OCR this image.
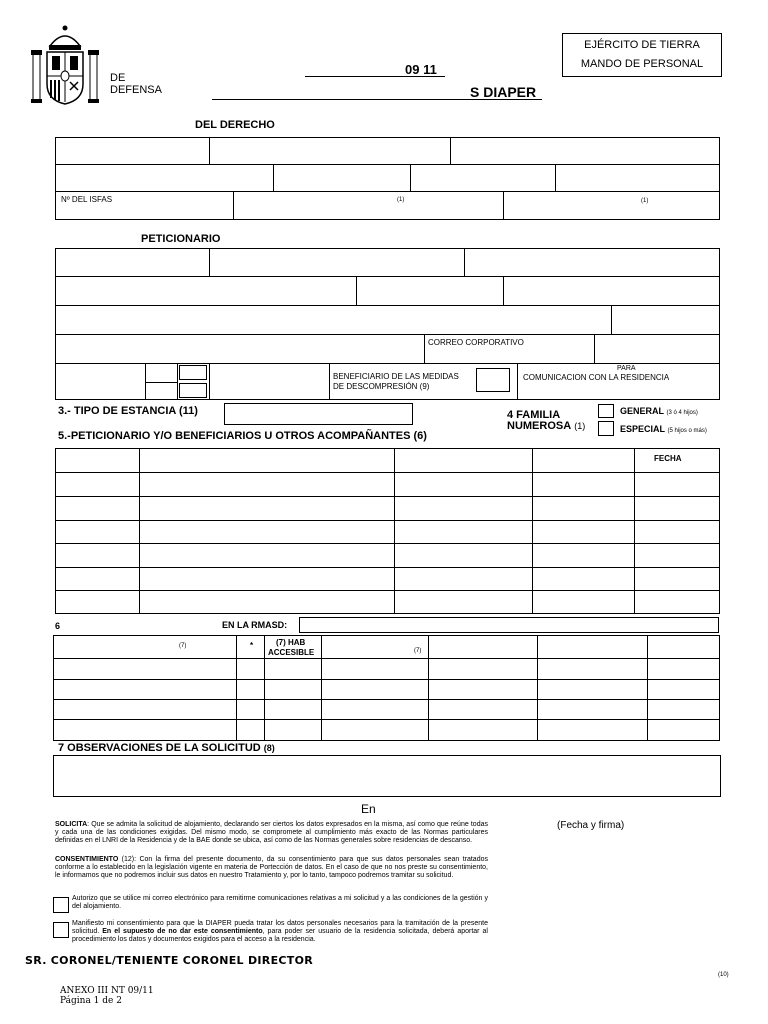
DE
DEFENSA
09 11
S DIAPER
EJÉRCITO DE TIERRA
MANDO DE PERSONAL
DEL DERECHO
Nº DEL ISFAS	(1)	(1)
PETICIONARIO
CORREO CORPORATIVO
BENEFICIARIO DE LAS MEDIDAS
DE DESCOMPRESIÓN (9)
PARA
COMUNICACION CON LA RESIDENCIA
3.- TIPO DE ESTANCIA (11)	4 FAMILIA
NUMEROSA (1)
GENERAL (3 ó 4 hijos)
ESPECIAL (5 hijos o más)
5.-PETICIONARIO Y/O BENEFICIARIOS U OTROS ACOMPAÑANTES (6)
FECHA
6	EN LA RMASD:
(7)	*	(7) HAB
ACCESIBLE	(7)
7 OBSERVACIONES DE LA SOLICITUD (8)
En
(Fecha y firma)
SOLICITA: Que se admita la solicitud de alojamiento, declarando ser ciertos los datos expresados en la misma, así como que reúne todas y cada una de las condiciones exigidas. Del mismo modo, se compromete al cumplimiento más exacto de las Normas particulares definidas en el LNRI de la Residencia y de la BAE donde se ubica, así como de las Normas generales sobre residencias de descanso.
CONSENTIMIENTO (12): Con la firma del presente documento, da su consentimiento para que sus datos personales sean tratados conforme a lo establecido en la legislación vigente en materia de Portección de datos. En el caso de que no nos preste su consentimiento, le informamos que no podremos incluir sus datos en nuestro Tratamiento y, por lo tanto, tampoco podremos tramitar su solicitud.
Autorizo que se utilice mi correo electrónico para remitirme comunicaciones relativas a mi solicitud y a las condiciones de la gestión y del alojamiento.
Manifiesto mi consentimiento para que la DIAPER pueda tratar los datos personales necesarios para la tramitación de la presente solicitud. En el supuesto de no dar este consentimiento, para poder ser usuario de la residencia solicitada, deberá aportar al procedimiento los datos y documentos exigidos para el acceso a la residencia.
SR. CORONEL/TENIENTE CORONEL DIRECTOR
(10)
ANEXO III NT 09/11
Página 1 de 2
